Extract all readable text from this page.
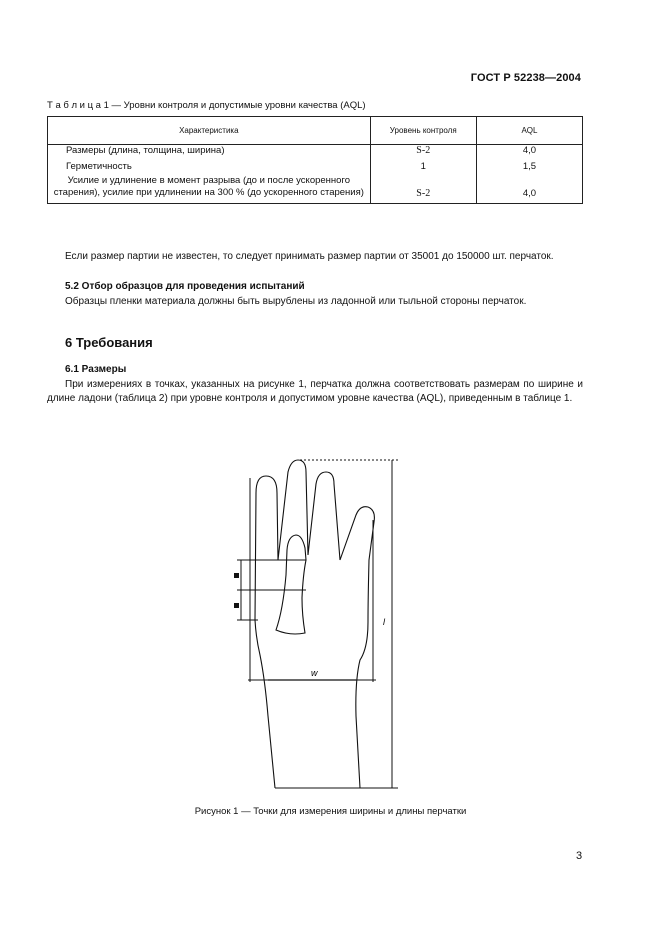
ГОСТ Р 52238—2004
Т а б л и ц а 1 — Уровни контроля и допустимые уровни качества (AQL)
Характеристика	Уровень контроля	AQL

Размеры (длина, толщина, ширина)	S-2	4,0

Герметичность	1	1,5

Усилие и удлинение в момент разрыва (до и после ускоренного старения), усилие при удлинении на 300 % (до ускоренного старения)	S-2	4,0
Если размер партии не известен, то следует принимать размер партии от 35001 до 150000 шт. перчаток.
5.2 Отбор образцов для проведения испытаний
Образцы пленки материала должны быть вырублены из ладонной или тыльной стороны перчаток.
6 Требования
6.1 Размеры
При измерениях в точках, указанных на рисунке 1, перчатка должна соответствовать размерам по ширине и длине ладони (таблица 2) при уровне контроля и допустимом уровне качества (AQL), приведенным в таблице 1.
w
l
Рисунок 1 — Точки для измерения ширины и длины перчатки
3
